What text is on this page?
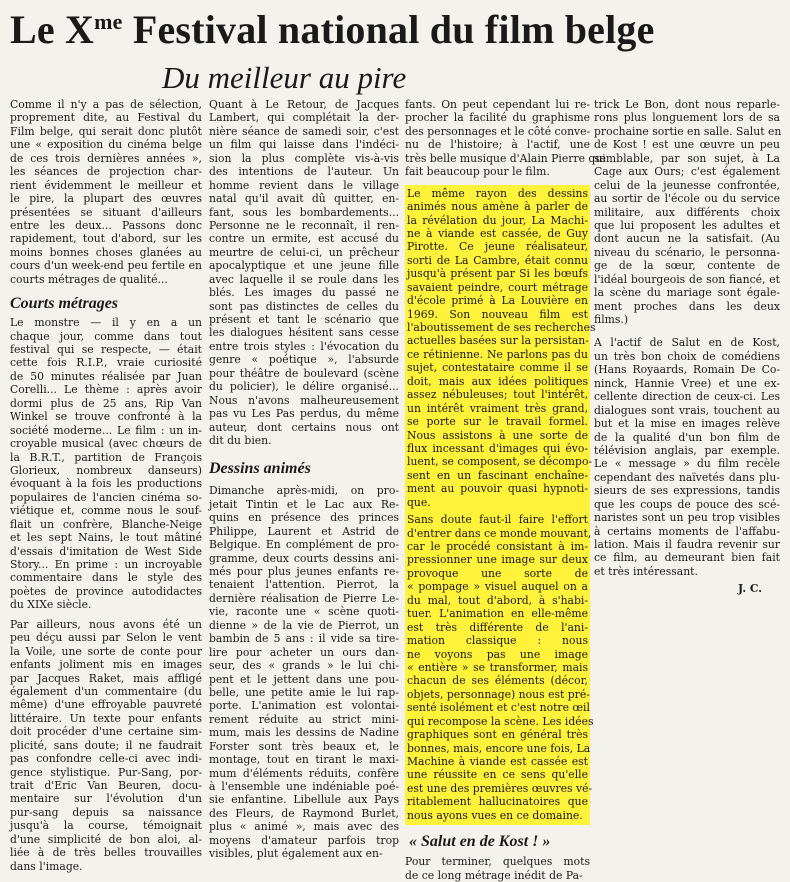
Le $X^{me}$ Festival national du film belge
Du meilleur au pire
Comme il n'y a pas de sélection,
proprement dite, au Festival du
Film belge, qui serait donc plutôt
une « exposition du cinéma belge
de ces trois dernières années »,
les séances de projection char-
rient évidemment le meilleur et
le pire, la plupart des œuvres
présentées se situant d'ailleurs
entre les deux... Passons donc
rapidement, tout d'abord, sur les
moins bonnes choses glanées au
cours d'un week-end peu fertile en
courts métrages de qualité...
Courts métrages
Le monstre — il y en a un
chaque jour, comme dans tout
festival qui se respecte, — était
cette fois R.I.P., vraie curiosité
de 50 minutes réalisée par Juan
Corelli... Le thème : après avoir
dormi plus de 25 ans, Rip Van
Winkel se trouve confronté à la
société moderne... Le film : un in-
croyable musical (avec chœurs de
la B.R.T., partition de François
Glorieux, nombreux danseurs)
évoquant à la fois les productions
populaires de l'ancien cinéma so-
viétique et, comme nous le souf-
flait un confrère, Blanche-Neige
et les sept Nains, le tout mâtiné
d'essais d'imitation de West Side
Story... En prime : un incroyable
commentaire dans le style des
poètes de province autodidactes
du XIXe siècle.
Par ailleurs, nous avons été un
peu déçu aussi par Selon le vent
la Voile, une sorte de conte pour
enfants joliment mis en images
par Jacques Raket, mais affligé
également d'un commentaire (du
même) d'une effroyable pauvreté
littéraire. Un texte pour enfants
doit procéder d'une certaine sim-
plicité, sans doute; il ne faudrait
pas confondre celle-ci avec indi-
gence stylistique. Pur-Sang, por-
trait d'Eric Van Beuren, docu-
mentaire sur l'évolution d'un
pur-sang depuis sa naissance
jusqu'à la course, témoignait
d'une simplicité de bon aloi, al-
liée à de très belles trouvailles
dans l'image.
Quant à Le Retour, de Jacques
Lambert, qui complétait la der-
nière séance de samedi soir, c'est
un film qui laisse dans l'indéci-
sion la plus complète vis-à-vis
des intentions de l'auteur. Un
homme revient dans le village
natal qu'il avait dû quitter, en-
fant, sous les bombardements...
Personne ne le reconnaît, il ren-
contre un ermite, est accusé du
meurtre de celui-ci, un prêcheur
apocalyptique et une jeune fille
avec laquelle il se roule dans les
blés. Les images du passé ne
sont pas distinctes de celles du
présent et tant le scénario que
les dialogues hésitent sans cesse
entre trois styles : l'évocation du
genre « poétique », l'absurde
pour théâtre de boulevard (scène
du policier), le délire organisé...
Nous n'avons malheureusement
pas vu Les Pas perdus, du même
auteur, dont certains nous ont
dit du bien.
Dessins animés
Dimanche après-midi, on pro-
jetait Tintin et le Lac aux Re-
quins en présence des princes
Philippe, Laurent et Astrid de
Belgique. En complément de pro-
gramme, deux courts dessins ani-
més pour plus jeunes enfants re-
tenaient l'attention. Pierrot, la
dernière réalisation de Pierre Le-
vie, raconte une « scène quoti-
dienne » de la vie de Pierrot, un
bambin de 5 ans : il vide sa tire-
lire pour acheter un ours dan-
seur, des « grands » le lui chi-
pent et le jettent dans une pou-
belle, une petite amie le lui rap-
porte. L'animation est volontai-
rement réduite au strict mini-
mum, mais les dessins de Nadine
Forster sont très beaux et, le
montage, tout en tirant le maxi-
mum d'éléments réduits, confère
à l'ensemble une indéniable poé-
sie enfantine. Libellule aux Pays
des Fleurs, de Raymond Burlet,
plus « animé », mais avec des
moyens d'amateur parfois trop
visibles, plut également aux en-
fants. On peut cependant lui re-
procher la facilité du graphisme
des personnages et le côté conve-
nu de l'histoire; à l'actif, une
très belle musique d'Alain Pierre qui
fait beaucoup pour le film.
Le même rayon des dessins
animés nous amène à parler de
la révélation du jour, La Machi-
ne à viande est cassée, de Guy
Pirotte. Ce jeune réalisateur,
sorti de La Cambre, était connu
jusqu'à présent par Si les bœufs
savaient peindre, court métrage
d'école primé à La Louvière en
1969. Son nouveau film est
l'aboutissement de ses recherches
actuelles basées sur la persistan-
ce rétinienne. Ne parlons pas du
sujet, contestataire comme il se
doit, mais aux idées politiques
assez nébuleuses; tout l'intérêt,
un intérêt vraiment très grand,
se porte sur le travail formel.
Nous assistons à une sorte de
flux incessant d'images qui évo-
luent, se composent, se décompo-
sent en un fascinant enchaîne-
ment au pouvoir quasi hypnoti-
que.
Sans doute faut-il faire l'effort
d'entrer dans ce monde mouvant,
car le procédé consistant à im-
pressionner une image sur deux
provoque une sorte de
« pompage » visuel auquel on a
du mal, tout d'abord, à s'habi-
tuer. L'animation en elle-même
est très différente de l'ani-
mation classique : nous
ne voyons pas une image
« entière » se transformer, mais
chacun de ses éléments (décor,
objets, personnage) nous est pré-
senté isolément et c'est notre œil
qui recompose la scène. Les idées
graphiques sont en général très
bonnes, mais, encore une fois, La
Machine à viande est cassée est
une réussite en ce sens qu'elle
est une des premières œuvres vé-
ritablement hallucinatoires que
nous ayons vues en ce domaine.
« Salut en de Kost ! »
Pour terminer, quelques mots
de ce long métrage inédit de Pa-
trick Le Bon, dont nous reparle-
rons plus longuement lors de sa
prochaine sortie en salle. Salut en
de Kost ! est une œuvre un peu
semblable, par son sujet, à La
Cage aux Ours; c'est également
celui de la jeunesse confrontée,
au sortir de l'école ou du service
militaire, aux différents choix
que lui proposent les adultes et
dont aucun ne la satisfait. (Au
niveau du scénario, le personna-
ge de la sœur, contente de
l'idéal bourgeois de son fiancé, et
la scène du mariage sont égale-
ment proches dans les deux
films.)
A l'actif de Salut en de Kost,
un très bon choix de comédiens
(Hans Royaards, Romain De Co-
ninck, Hannie Vree) et une ex-
cellente direction de ceux-ci. Les
dialogues sont vrais, touchent au
but et la mise en images relève
de la qualité d'un bon film de
télévision anglais, par exemple.
Le « message » du film recèle
cependant des naïvetés dans plu-
sieurs de ses expressions, tandis
que les coups de pouce des scé-
naristes sont un peu trop visibles
à certains moments de l'affabu-
lation. Mais il faudra revenir sur
ce film, au demeurant bien fait
et très intéressant.
J. C.
